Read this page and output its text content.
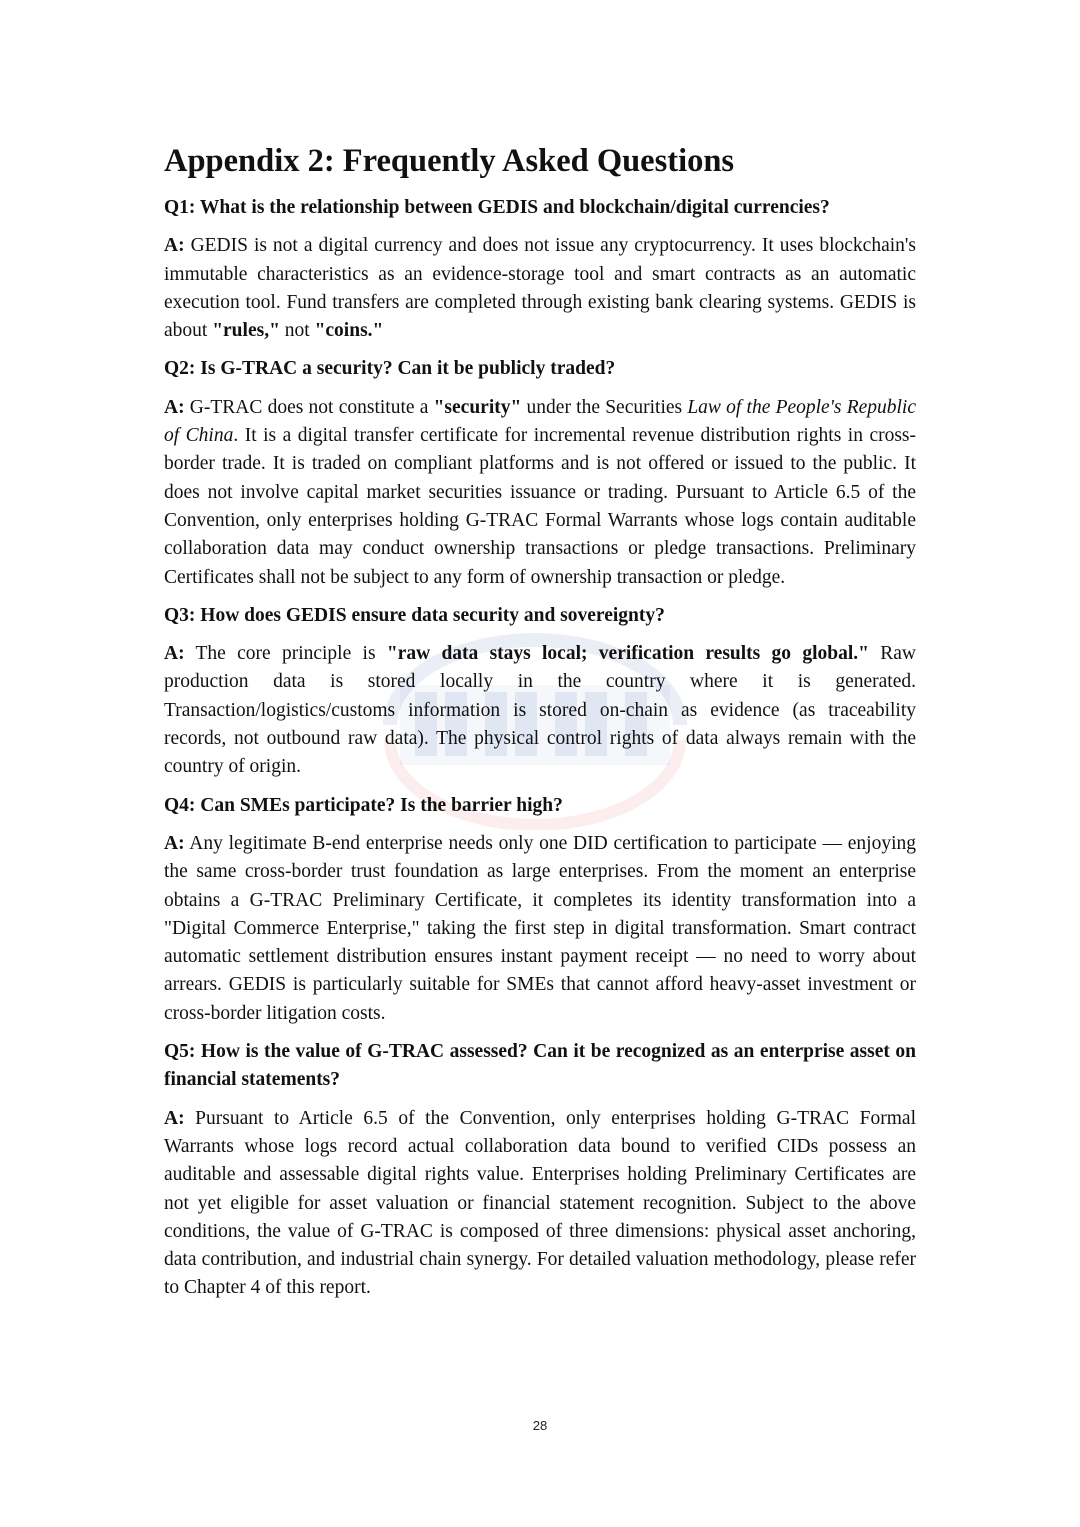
Appendix 2: Frequently Asked Questions

Q1: What is the relationship between GEDIS and blockchain/digital currencies?

A: GEDIS is not a digital currency and does not issue any cryptocurrency. It uses blockchain's immutable characteristics as an evidence-storage tool and smart contracts as an automatic execution tool. Fund transfers are completed through existing bank clearing systems. GEDIS is about "rules," not "coins."

Q2: Is G-TRAC a security? Can it be publicly traded?

A: G-TRAC does not constitute a "security" under the Securities Law of the People's Republic of China. It is a digital transfer certificate for incremental revenue distribution rights in cross-border trade. It is traded on compliant platforms and is not offered or issued to the public. It does not involve capital market securities issuance or trading. Pursuant to Article 6.5 of the Convention, only enterprises holding G-TRAC Formal Warrants whose logs contain auditable collaboration data may conduct ownership transactions or pledge transactions. Preliminary Certificates shall not be subject to any form of ownership transaction or pledge.

Q3: How does GEDIS ensure data security and sovereignty?

A: The core principle is "raw data stays local; verification results go global." Raw production data is stored locally in the country where it is generated. Transaction/logistics/customs information is stored on-chain as evidence (as traceability records, not outbound raw data). The physical control rights of data always remain with the country of origin.

Q4: Can SMEs participate? Is the barrier high?

A: Any legitimate B-end enterprise needs only one DID certification to participate — enjoying the same cross-border trust foundation as large enterprises. From the moment an enterprise obtains a G-TRAC Preliminary Certificate, it completes its identity transformation into a "Digital Commerce Enterprise," taking the first step in digital transformation. Smart contract automatic settlement distribution ensures instant payment receipt — no need to worry about arrears. GEDIS is particularly suitable for SMEs that cannot afford heavy-asset investment or cross-border litigation costs.

Q5: How is the value of G-TRAC assessed? Can it be recognized as an enterprise asset on financial statements?

A: Pursuant to Article 6.5 of the Convention, only enterprises holding G-TRAC Formal Warrants whose logs record actual collaboration data bound to verified CIDs possess an auditable and assessable digital rights value. Enterprises holding Preliminary Certificates are not yet eligible for asset valuation or financial statement recognition. Subject to the above conditions, the value of G-TRAC is composed of three dimensions: physical asset anchoring, data contribution, and industrial chain synergy. For detailed valuation methodology, please refer to Chapter 4 of this report.

28
